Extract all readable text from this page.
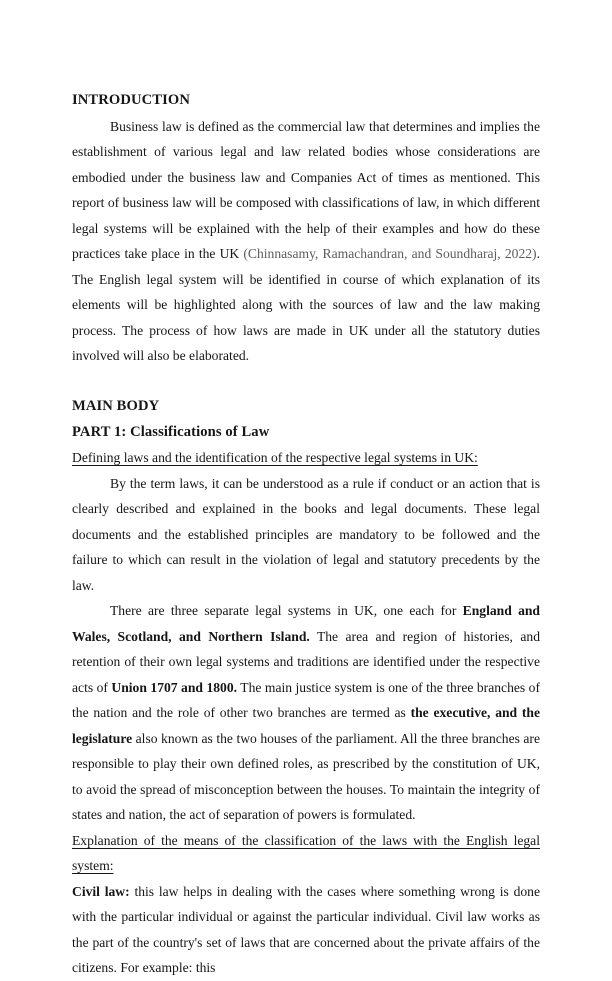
INTRODUCTION

Business law is defined as the commercial law that determines and implies the establishment of various legal and law related bodies whose considerations are embodied under the business law and Companies Act of times as mentioned. This report of business law will be composed with classifications of law, in which different legal systems will be explained with the help of their examples and how do these practices take place in the UK (Chinnasamy, Ramachandran, and Soundharaj, 2022). The English legal system will be identified in course of which explanation of its elements will be highlighted along with the sources of law and the law making process. The process of how laws are made in UK under all the statutory duties involved will also be elaborated.

MAIN BODY
PART 1: Classifications of Law

Defining laws and the identification of the respective legal systems in UK:

By the term laws, it can be understood as a rule if conduct or an action that is clearly described and explained in the books and legal documents. These legal documents and the established principles are mandatory to be followed and the failure to which can result in the violation of legal and statutory precedents by the law.

There are three separate legal systems in UK, one each for England and Wales, Scotland, and Northern Island. The area and region of histories, and retention of their own legal systems and traditions are identified under the respective acts of Union 1707 and 1800. The main justice system is one of the three branches of the nation and the role of other two branches are termed as the executive, and the legislature also known as the two houses of the parliament. All the three branches are responsible to play their own defined roles, as prescribed by the constitution of UK, to avoid the spread of misconception between the houses. To maintain the integrity of states and nation, the act of separation of powers is formulated.

Explanation of the means of the classification of the laws with the English legal system:

Civil law: this law helps in dealing with the cases where something wrong is done with the particular individual or against the particular individual. Civil law works as the part of the country's set of laws that are concerned about the private affairs of the citizens. For example: this
